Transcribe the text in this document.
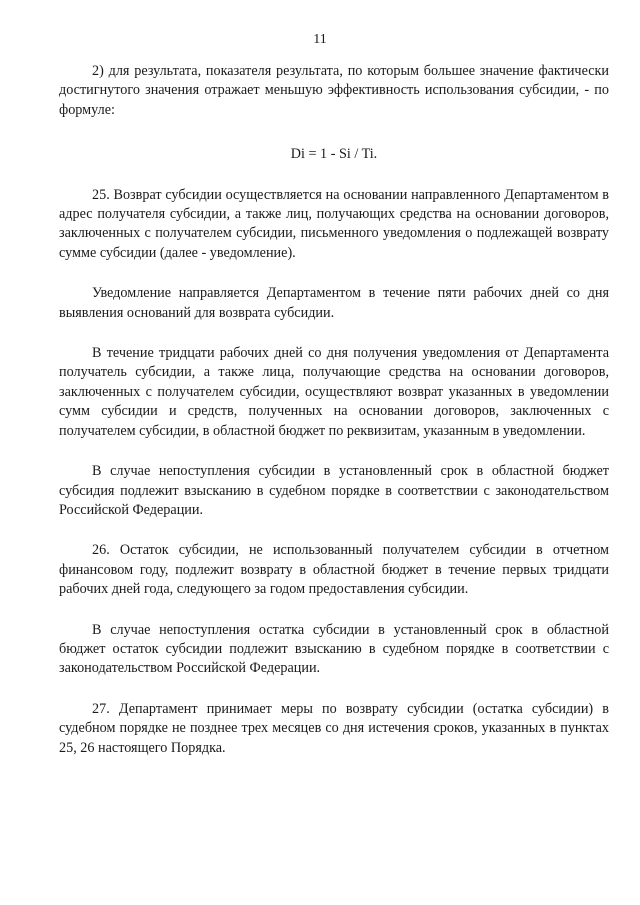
11

2) для результата, показателя результата, по которым большее значение фактически достигнутого значения отражает меньшую эффективность использования субсидии, - по формуле:

Di = 1 - Si / Ti.

25. Возврат субсидии осуществляется на основании направленного Департаментом в адрес получателя субсидии, а также лиц, получающих средства на основании договоров, заключенных с получателем субсидии, письменного уведомления о подлежащей возврату сумме субсидии (далее - уведомление).

Уведомление направляется Департаментом в течение пяти рабочих дней со дня выявления оснований для возврата субсидии.

В течение тридцати рабочих дней со дня получения уведомления от Департамента получатель субсидии, а также лица, получающие средства на основании договоров, заключенных с получателем субсидии, осуществляют возврат указанных в уведомлении сумм субсидии и средств, полученных на основании договоров, заключенных с получателем субсидии, в областной бюджет по реквизитам, указанным в уведомлении.

В случае непоступления субсидии в установленный срок в областной бюджет субсидия подлежит взысканию в судебном порядке в соответствии с законодательством Российской Федерации.

26. Остаток субсидии, не использованный получателем субсидии в отчетном финансовом году, подлежит возврату в областной бюджет в течение первых тридцати рабочих дней года, следующего за годом предоставления субсидии.

В случае непоступления остатка субсидии в установленный срок в областной бюджет остаток субсидии подлежит взысканию в судебном порядке в соответствии с законодательством Российской Федерации.

27. Департамент принимает меры по возврату субсидии (остатка субсидии) в судебном порядке не позднее трех месяцев со дня истечения сроков, указанных в пунктах 25, 26 настоящего Порядка.
